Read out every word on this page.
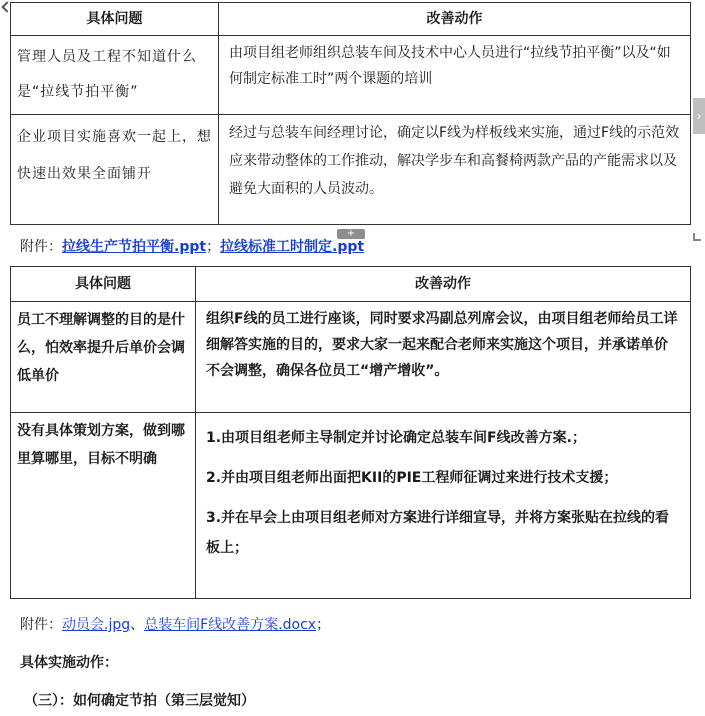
具体问题	改善动作
管理人员及工程不知道什么是“拉线节拍平衡”	由项目组老师组织总装车间及技术中心人员进行“拉线节拍平衡”以及“如何制定标准工时”两个课题的培训
企业项目实施喜欢一起上，想快速出效果全面铺开	经过与总装车间经理讨论，确定以F线为样板线来实施，通过F线的示范效应来带动整体的工作推动，解决学步车和高餐椅两款产品的产能需求以及避免大面积的人员波动。
›
+
附件：拉线生产节拍平衡.ppt；拉线标准工时制定.ppt
具体问题	改善动作
员工不理解调整的目的是什么，怕效率提升后单价会调低单价	组织F线的员工进行座谈，同时要求冯副总列席会议，由项目组老师给员工详细解答实施的目的，要求大家一起来配合老师来实施这个项目，并承诺单价不会调整，确保各位员工“增产增收”。
没有具体策划方案，做到哪里算哪里，目标不明确	1.由项目组老师主导制定并讨论确定总装车间F线改善方案.；

2.并由项目组老师出面把KII的PIE工程师征调过来进行技术支援；

3.并在早会上由项目组老师对方案进行详细宣导，并将方案张贴在拉线的看板上；

附件：动员会.jpg、总装车间F线改善方案.docx；
具体实施动作：
（三）：如何确定节拍（第三层觉知）
